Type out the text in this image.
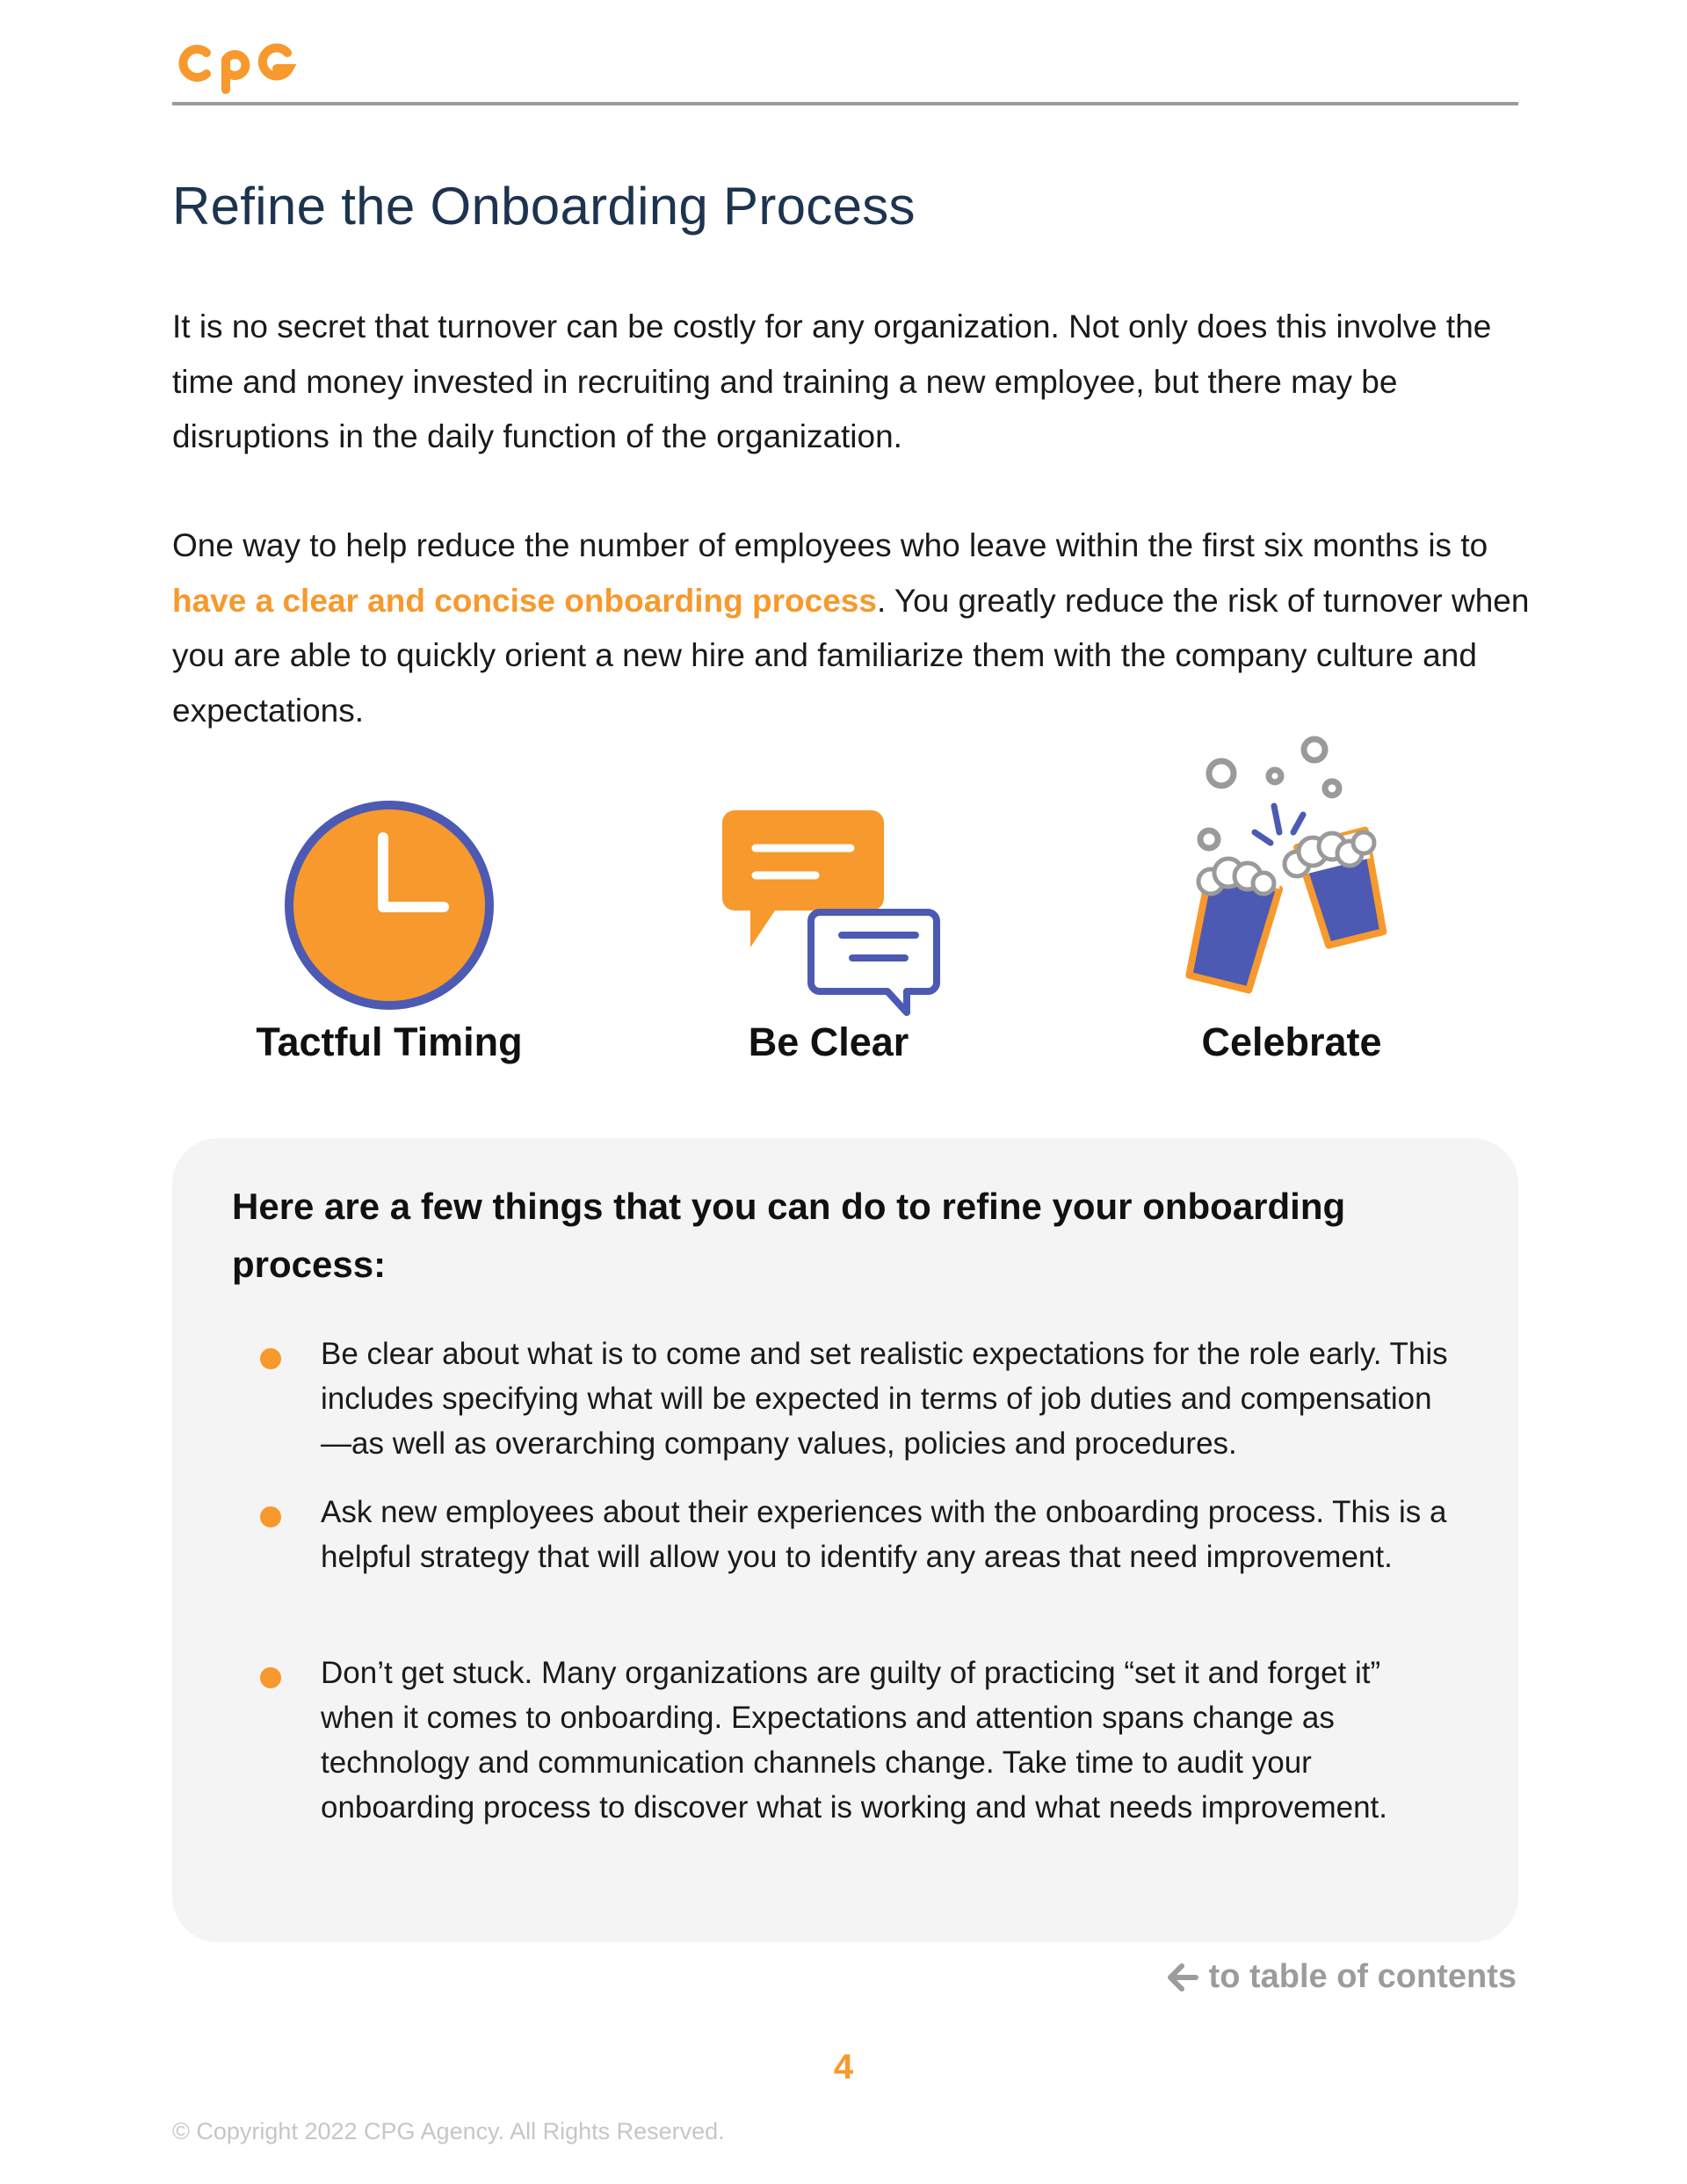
Refine the Onboarding Process

It is no secret that turnover can be costly for any organization. Not only does this involve the time and money invested in recruiting and training a new employee, but there may be disruptions in the daily function of the organization.

One way to help reduce the number of employees who leave within the first six months is to have a clear and concise onboarding process. You greatly reduce the risk of turnover when you are able to quickly orient a new hire and familiarize them with the company culture and expectations.

Tactful Timing	Be Clear	Celebrate
Here are a few things that you can do to refine your onboarding process:

Be clear about what is to come and set realistic expectations for the role early. This includes specifying what will be expected in terms of job duties and compensation—as well as overarching company values, policies and procedures.

Ask new employees about their experiences with the onboarding process. This is a helpful strategy that will allow you to identify any areas that need improvement.

Don’t get stuck. Many organizations are guilty of practicing “set it and forget it” when it comes to onboarding. Expectations and attention spans change as technology and communication channels change. Take time to audit your onboarding process to discover what is working and what needs improvement.

to table of contents
4
© Copyright 2022 CPG Agency. All Rights Reserved.
